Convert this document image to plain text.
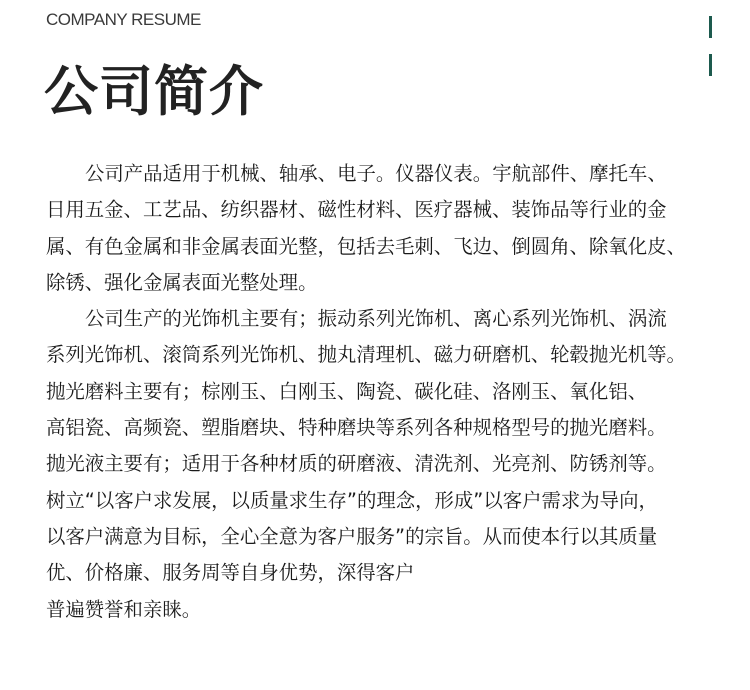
COMPANY RESUME
公司简介
公司产品适用于机械、轴承、电子。仪器仪表。宇航部件、摩托车、
日用五金、工艺品、纺织器材、磁性材料、医疗器械、装饰品等行业的金
属、有色金属和非金属表面光整，包括去毛刺、飞边、倒圆角、除氧化皮、
除锈、强化金属表面光整处理。
公司生产的光饰机主要有；振动系列光饰机、离心系列光饰机、涡流
系列光饰机、滚筒系列光饰机、抛丸清理机、磁力研磨机、轮毂抛光机等。
抛光磨料主要有；棕刚玉、白刚玉、陶瓷、碳化硅、洛刚玉、氧化铝、
高铝瓷、高频瓷、塑脂磨块、特种磨块等系列各种规格型号的抛光磨料。
抛光液主要有；适用于各种材质的研磨液、清洗剂、光亮剂、防锈剂等。
树立“以客户求发展，以质量求生存”的理念，形成”以客户需求为导向，
以客户满意为目标，全心全意为客户服务”的宗旨。从而使本行以其质量
优、价格廉、服务周等自身优势，深得客户
普遍赞誉和亲睐。
